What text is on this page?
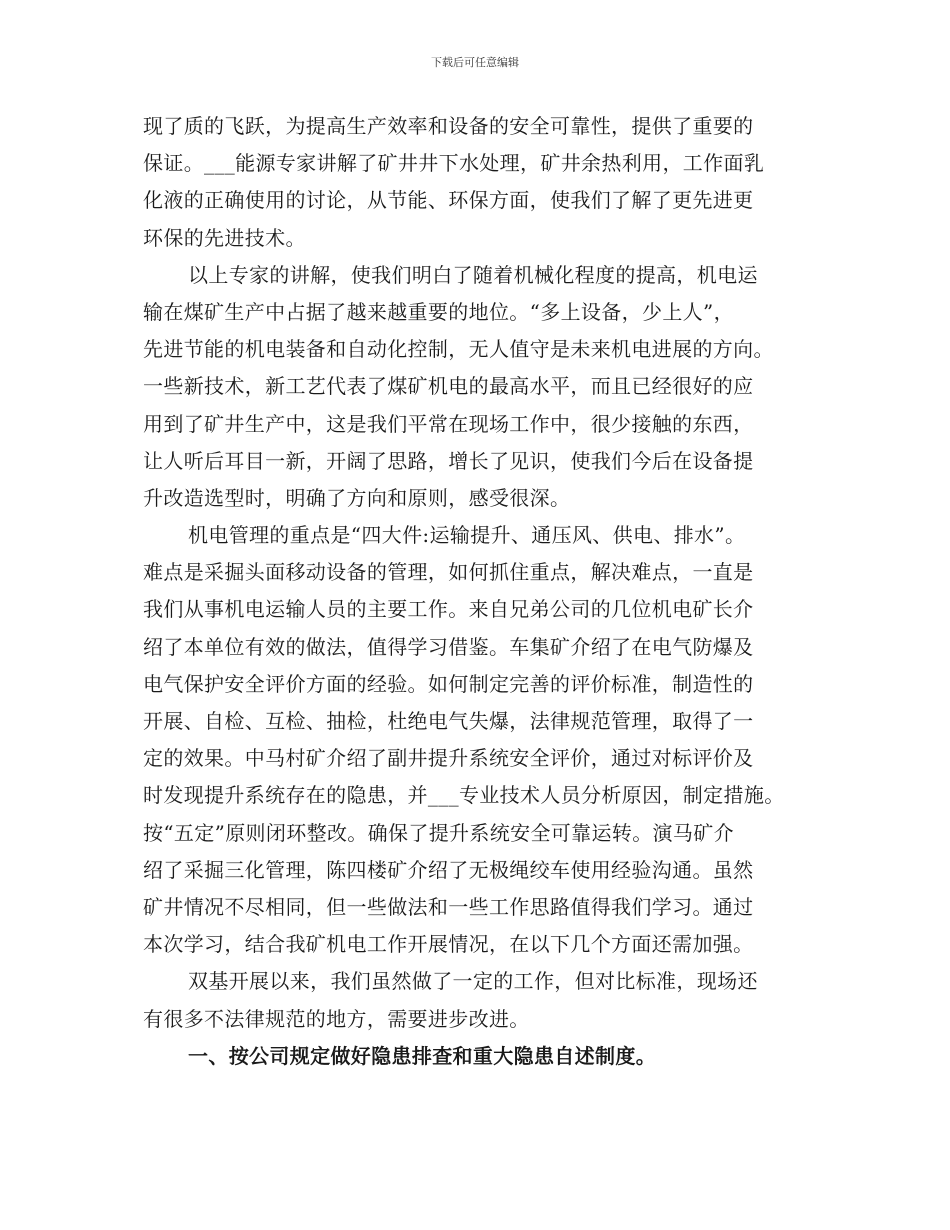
下载后可任意编辑
现了质的飞跃，为提高生产效率和设备的安全可靠性，提供了重要的
保证。___能源专家讲解了矿井井下水处理，矿井余热利用，工作面乳
化液的正确使用的讨论，从节能、环保方面，使我们了解了更先进更
环保的先进技术。
以上专家的讲解，使我们明白了随着机械化程度的提高，机电运
输在煤矿生产中占据了越来越重要的地位。“多上设备，少上人”，
先进节能的机电装备和自动化控制，无人值守是未来机电进展的方向。
一些新技术，新工艺代表了煤矿机电的最高水平，而且已经很好的应
用到了矿井生产中，这是我们平常在现场工作中，很少接触的东西，
让人听后耳目一新，开阔了思路，增长了见识，使我们今后在设备提
升改造选型时，明确了方向和原则，感受很深。
机电管理的重点是“四大件:运输提升、通压风、供电、排水”。
难点是采掘头面移动设备的管理，如何抓住重点，解决难点，一直是
我们从事机电运输人员的主要工作。来自兄弟公司的几位机电矿长介
绍了本单位有效的做法，值得学习借鉴。车集矿介绍了在电气防爆及
电气保护安全评价方面的经验。如何制定完善的评价标准，制造性的
开展、自检、互检、抽检，杜绝电气失爆，法律规范管理，取得了一
定的效果。中马村矿介绍了副井提升系统安全评价，通过对标评价及
时发现提升系统存在的隐患，并___专业技术人员分析原因，制定措施。
按“五定”原则闭环整改。确保了提升系统安全可靠运转。演马矿介
绍了采掘三化管理，陈四楼矿介绍了无极绳绞车使用经验沟通。虽然
矿井情况不尽相同，但一些做法和一些工作思路值得我们学习。通过
本次学习，结合我矿机电工作开展情况，在以下几个方面还需加强。
双基开展以来，我们虽然做了一定的工作，但对比标准，现场还
有很多不法律规范的地方，需要进步改进。
一、按公司规定做好隐患排查和重大隐患自述制度。
